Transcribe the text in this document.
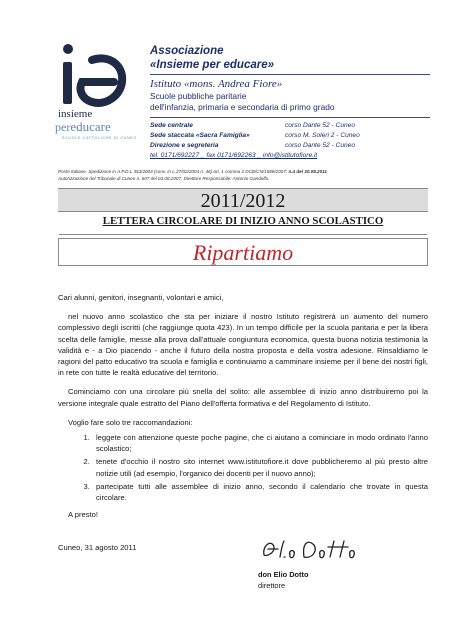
insieme
pereducare
SCUOLE CATTOLICHE DI CUNEO
Associazione
«Insieme per educare»
Istituto «mons. Andrea Fiore»
Scuole pubbliche paritarie
dell'infanzia, primaria e secondaria di primo grado
Sede centrale	corso Dante 52 - Cuneo
Sede staccata «Sacra Famiglia»	corso M. Soleri 2 - Cuneo
Direzione e segreteria	corso Dante 52 - Cuneo
tel. 0171/692227 _ fax 0171/692263 _ info@istitutofiore.it
Poste Italiane. Spedizione in A.P.D.L 353/2003 (conv. in L.27/02/2004 n. 46) art. 1 comma 2 DCB/CN/1588/2007; n.4 del 30.08.2011
Autorizzazione del Tribunale di Cuneo n. 607 del 03.08.2007. Direttore Responsabile: Antonio Gandolfo.
2011/2012
LETTERA CIRCOLARE DI INIZIO ANNO SCOLASTICO
Ripartiamo

Cari alunni, genitori, insegnanti, volontari e amici,

nel nuovo anno scolastico che sta per iniziare il nostro Istituto registrerà un aumento del numero complessivo degli iscritti (che raggiunge quota 423). In un tempo difficile per la scuola paritaria e per la libera scelta delle famiglie, messe alla prova dall'attuale congiuntura economica, questa buona notizia testimonia la validità e - a Dio piacendo - anche il futuro della nostra proposta e della vostra adesione. Rinsaldiamo le ragioni del patto educativo tra scuola e famiglia e continuiamo a camminare insieme per il bene dei nostri figli, in rete con tutte le realtà educative del territorio.

Cominciamo con una circolare più snella del solito: alle assemblee di inizio anno distribuiremo poi la versione integrale quale estratto del Piano dell'offerta formativa e del Regolamento di Istituto.

Voglio fare solo tre raccomandazioni:

1. leggete con attenzione queste poche pagine, che ci aiutano a cominciare in modo ordinato l'anno scolastico;
2. tenete d'occhio il nostro sito internet www.istitutofiore.it dove pubblicheremo al più presto altre notizie utili (ad esempio, l'organico dei docenti per il nuovo anno);
3. partecipate tutti alle assemblee di inizio anno, secondo il calendario che trovate in questa circolare.

A presto!

Cuneo, 31 agosto 2011

don Elio Dotto
direttore
